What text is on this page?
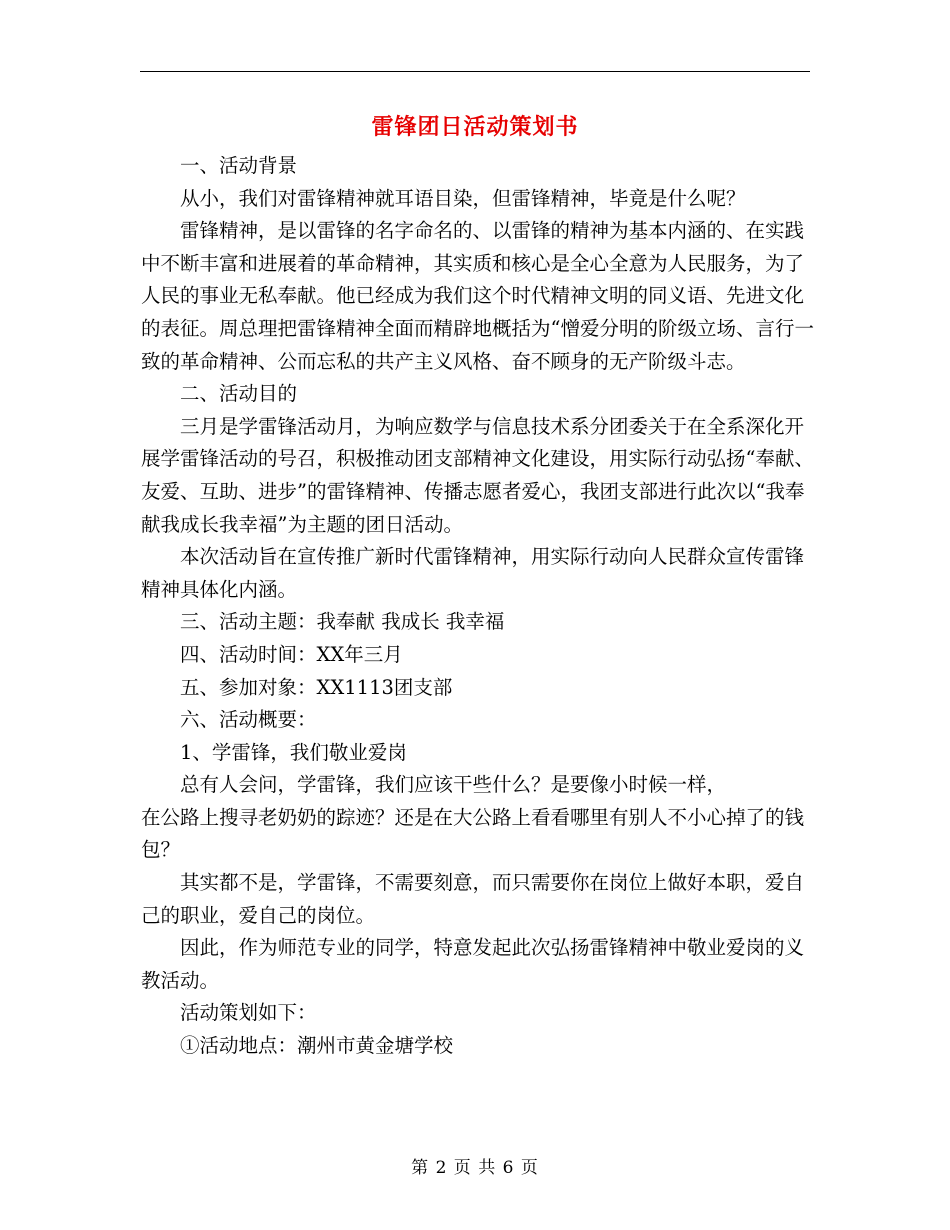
雷锋团日活动策划书

一、活动背景

从小，我们对雷锋精神就耳语目染，但雷锋精神，毕竟是什么呢？

雷锋精神，是以雷锋的名字命名的、以雷锋的精神为基本内涵的、在实践中不断丰富和进展着的革命精神，其实质和核心是全心全意为人民服务，为了人民的事业无私奉献。他已经成为我们这个时代精神文明的同义语、先进文化的表征。周总理把雷锋精神全面而精辟地概括为“憎爱分明的阶级立场、言行一致的革命精神、公而忘私的共产主义风格、奋不顾身的无产阶级斗志。

二、活动目的

三月是学雷锋活动月，为响应数学与信息技术系分团委关于在全系深化开展学雷锋活动的号召，积极推动团支部精神文化建设，用实际行动弘扬“奉献、友爱、互助、进步”的雷锋精神、传播志愿者爱心，我团支部进行此次以“我奉献我成长我幸福”为主题的团日活动。

本次活动旨在宣传推广新时代雷锋精神，用实际行动向人民群众宣传雷锋精神具体化内涵。

三、活动主题：我奉献 我成长 我幸福

四、活动时间：XX年三月

五、参加对象：XX1113团支部

六、活动概要：

1、学雷锋，我们敬业爱岗

总有人会问，学雷锋，我们应该干些什么？是要像小时候一样，

在公路上搜寻老奶奶的踪迹？还是在大公路上看看哪里有别人不小心掉了的钱包？

其实都不是，学雷锋，不需要刻意，而只需要你在岗位上做好本职，爱自己的职业，爱自己的岗位。

因此，作为师范专业的同学，特意发起此次弘扬雷锋精神中敬业爱岗的义教活动。

活动策划如下：

①活动地点：潮州市黄金塘学校

第 2 页 共 6 页
